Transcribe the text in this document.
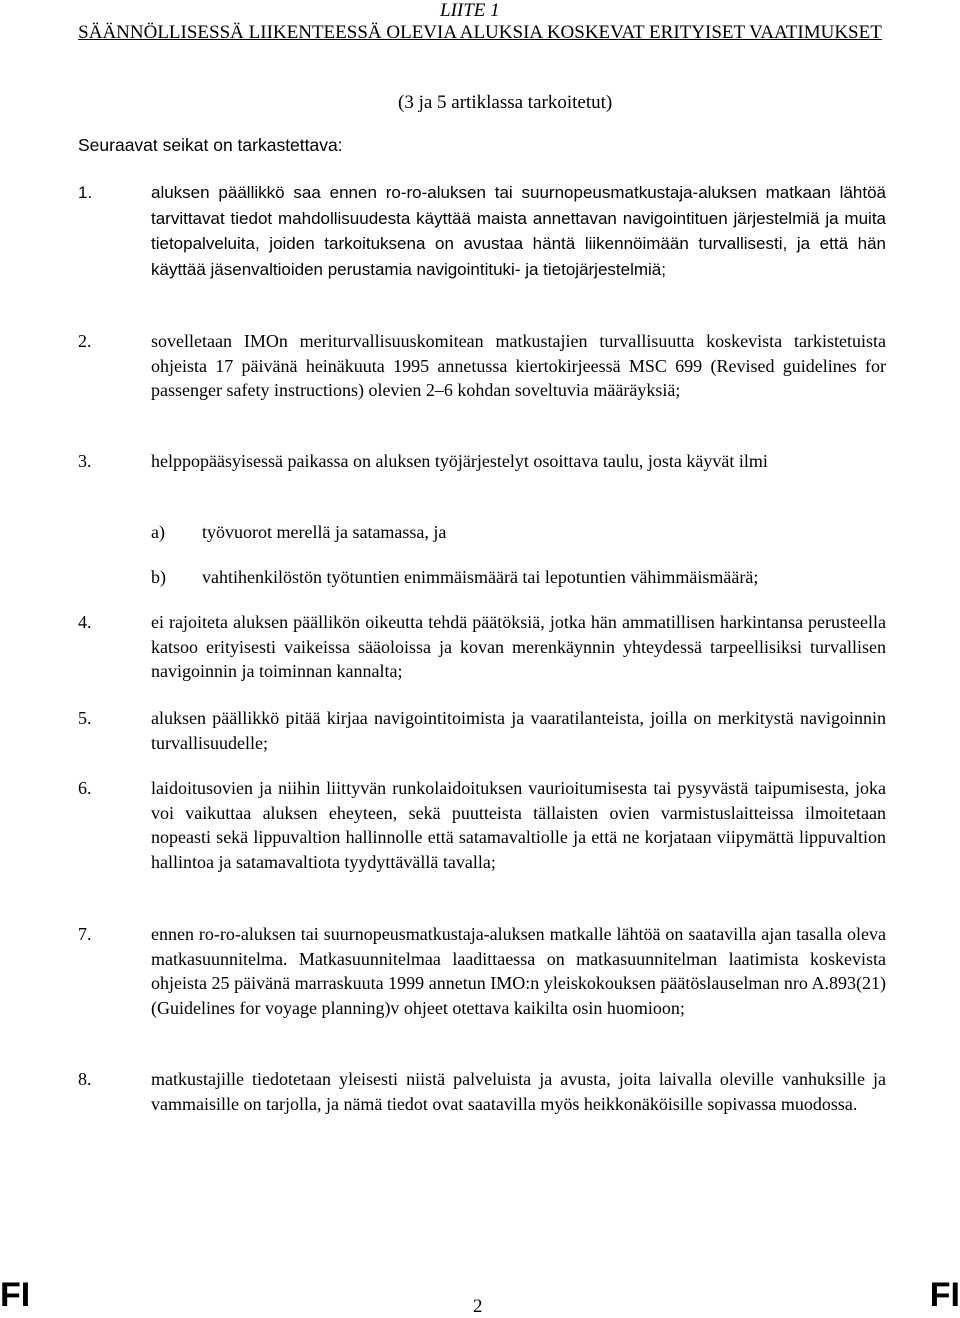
LIITE 1
SÄÄNNÖLLISESSÄ LIIKENTEESSÄ OLEVIA ALUKSIA KOSKEVAT ERITYISET VAATIMUKSET
(3 ja 5 artiklassa tarkoitetut)
Seuraavat seikat on tarkastettava:
1.	aluksen päällikkö saa ennen ro-ro-aluksen tai suurnopeusmatkustaja-aluksen matkaan lähtöä tarvittavat tiedot mahdollisuudesta käyttää maista annettavan navigointituen järjestelmiä ja muita tietopalveluita, joiden tarkoituksena on avustaa häntä liikennöimään turvallisesti, ja että hän käyttää jäsenvaltioiden perustamia navigointituki- ja tietojärjestelmiä;
2.	sovelletaan IMOn meriturvallisuuskomitean matkustajien turvallisuutta koskevista tarkistetuista ohjeista 17 päivänä heinäkuuta 1995 annetussa kiertokirjeessä MSC 699 (Revised guidelines for passenger safety instructions) olevien 2–6 kohdan soveltuvia määräyksiä;
3.	helppopääsyisessä paikassa on aluksen työjärjestelyt osoittava taulu, josta käyvät ilmi
a) työvuorot merellä ja satamassa, ja
b) vahtihenkilöstön työtuntien enimmäismäärä tai lepotuntien vähimmäismäärä;
4.	ei rajoiteta aluksen päällikön oikeutta tehdä päätöksiä, jotka hän ammatillisen harkintansa perusteella katsoo erityisesti vaikeissa sääoloissa ja kovan merenkäynnin yhteydessä tarpeellisiksi turvallisen navigoinnin ja toiminnan kannalta;
5.	aluksen päällikkö pitää kirjaa navigointitoimista ja vaaratilanteista, joilla on merkitystä navigoinnin turvallisuudelle;
6.	laidoitusovien ja niihin liittyvän runkolaidoituksen vaurioitumisesta tai pysyvästä taipumisesta, joka voi vaikuttaa aluksen eheyteen, sekä puutteista tällaisten ovien varmistuslaitteissa ilmoitetaan nopeasti sekä lippuvaltion hallinnolle että satamavaltiolle ja että ne korjataan viipymättä lippuvaltion hallintoa ja satamavaltiota tyydyttävällä tavalla;
7.	ennen ro-ro-aluksen tai suurnopeusmatkustaja-aluksen matkalle lähtöä on saatavilla ajan tasalla oleva matkasuunnitelma. Matkasuunnitelmaa laadittaessa on matkasuunnitelman laatimista koskevista ohjeista 25 päivänä marraskuuta 1999 annetun IMO:n yleiskokouksen päätöslauselman nro A.893(21) (Guidelines for voyage planning)v ohjeet otettava kaikilta osin huomioon;
8.	matkustajille tiedotetaan yleisesti niistä palveluista ja avusta, joita laivalla oleville vanhuksille ja vammaisille on tarjolla, ja nämä tiedot ovat saatavilla myös heikkonäköisille sopivassa muodossa.
FI	2	FI
